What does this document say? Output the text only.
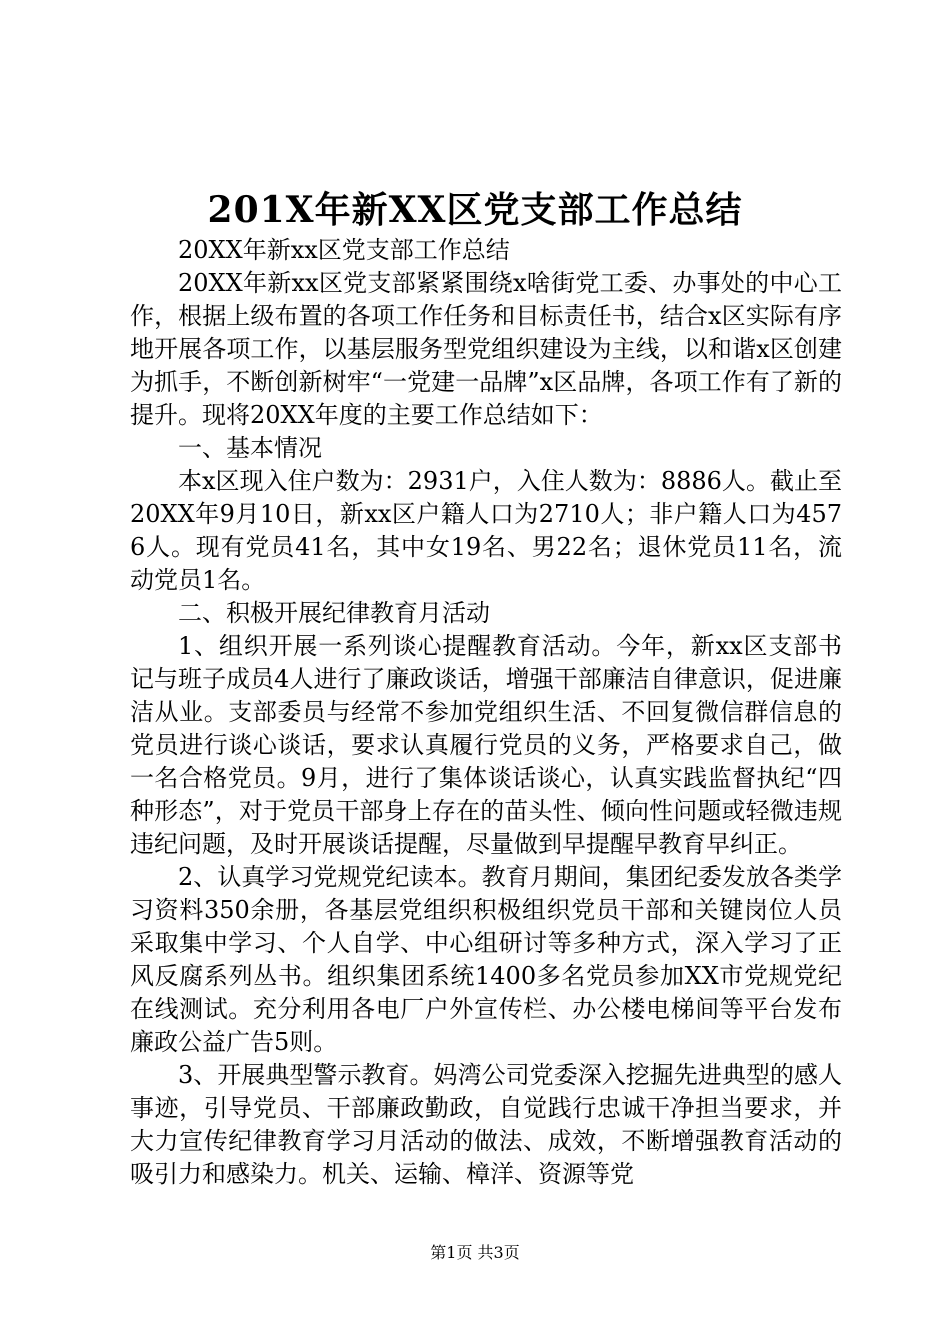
201X年新XX区党支部工作总结

20XX年新xx区党支部工作总结

20XX年新xx区党支部紧紧围绕x啥街党工委、办事处的中心工作，根据上级布置的各项工作任务和目标责任书，结合x区实际有序地开展各项工作，以基层服务型党组织建设为主线，以和谐x区创建为抓手，不断创新树牢“一党建一品牌”x区品牌，各项工作有了新的提升。现将20XX年度的主要工作总结如下：

一、基本情况

本x区现入住户数为：2931户，入住人数为：8886人。截止至20XX年9月10日，新xx区户籍人口为2710人；非户籍人口为4576人。现有党员41名，其中女19名、男22名；退休党员11名，流动党员1名。

二、积极开展纪律教育月活动

1、组织开展一系列谈心提醒教育活动。今年，新xx区支部书记与班子成员4人进行了廉政谈话，增强干部廉洁自律意识，促进廉洁从业。支部委员与经常不参加党组织生活、不回复微信群信息的党员进行谈心谈话，要求认真履行党员的义务，严格要求自己，做一名合格党员。9月，进行了集体谈话谈心，认真实践监督执纪“四种形态”，对于党员干部身上存在的苗头性、倾向性问题或轻微违规违纪问题，及时开展谈话提醒，尽量做到早提醒早教育早纠正。

2、认真学习党规党纪读本。教育月期间，集团纪委发放各类学习资料350余册，各基层党组织积极组织党员干部和关键岗位人员采取集中学习、个人自学、中心组研讨等多种方式，深入学习了正风反腐系列丛书。组织集团系统1400多名党员参加XX市党规党纪在线测试。充分利用各电厂户外宣传栏、办公楼电梯间等平台发布廉政公益广告5则。

3、开展典型警示教育。妈湾公司党委深入挖掘先进典型的感人事迹，引导党员、干部廉政勤政，自觉践行忠诚干净担当要求，并大力宣传纪律教育学习月活动的做法、成效，不断增强教育活动的吸引力和感染力。机关、运输、樟洋、资源等党

第1页 共3页
